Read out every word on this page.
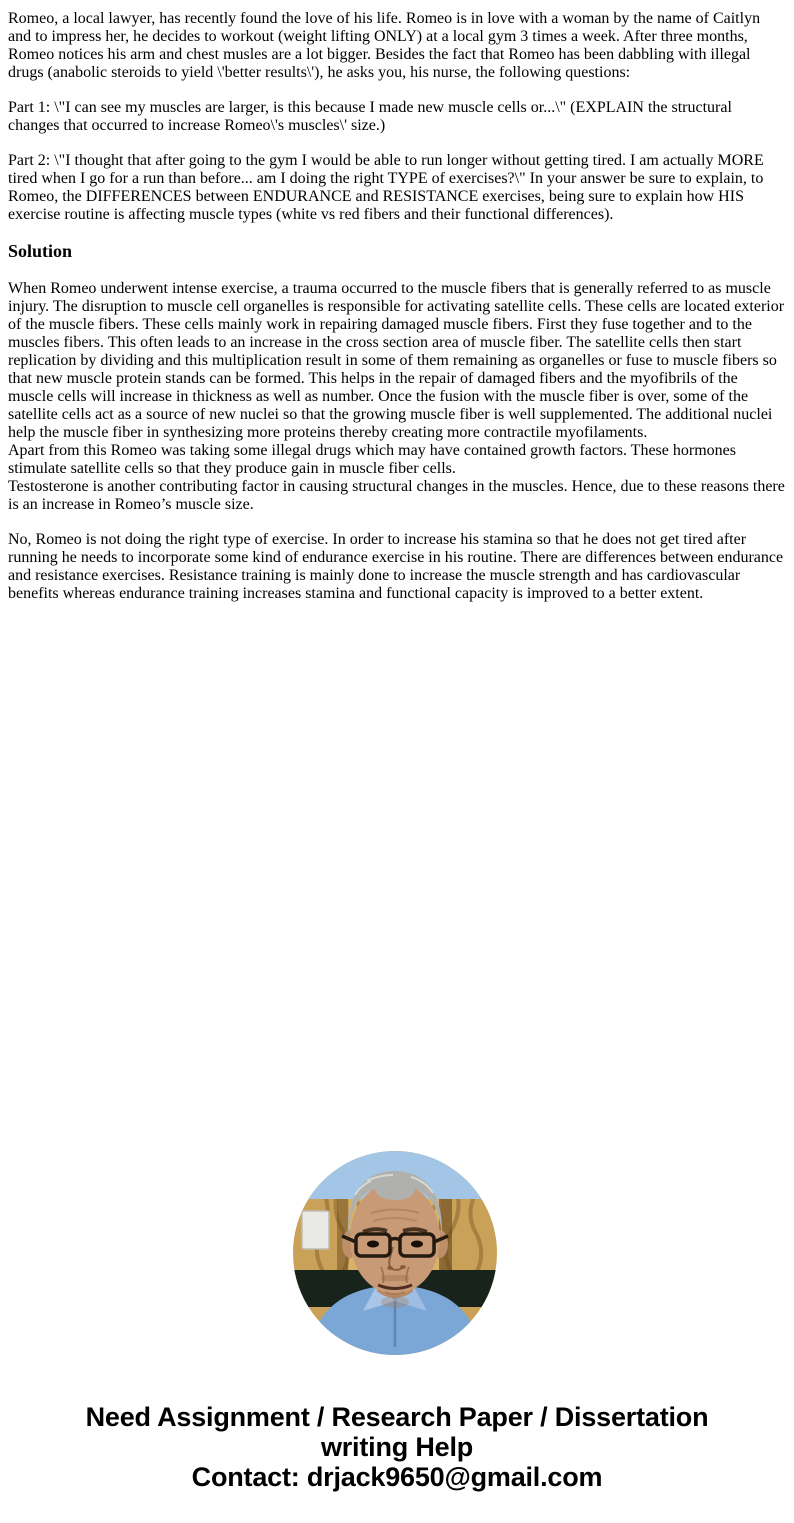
Romeo, a local lawyer, has recently found the love of his life. Romeo is in love with a woman by the name of Caitlyn and to impress her, he decides to workout (weight lifting ONLY) at a local gym 3 times a week. After three months, Romeo notices his arm and chest musles are a lot bigger. Besides the fact that Romeo has been dabbling with illegal drugs (anabolic steroids to yield \'better results\'), he asks you, his nurse, the following questions:

Part 1: \"I can see my muscles are larger, is this because I made new muscle cells or...\" (EXPLAIN the structural changes that occurred to increase Romeo\'s muscles\' size.)

Part 2: \"I thought that after going to the gym I would be able to run longer without getting tired. I am actually MORE tired when I go for a run than before... am I doing the right TYPE of exercises?\" In your answer be sure to explain, to Romeo, the DIFFERENCES between ENDURANCE and RESISTANCE exercises, being sure to explain how HIS exercise routine is affecting muscle types (white vs red fibers and their functional differences).

Solution

When Romeo underwent intense exercise, a trauma occurred to the muscle fibers that is generally referred to as muscle injury. The disruption to muscle cell organelles is responsible for activating satellite cells. These cells are located exterior of the muscle fibers. These cells mainly work in repairing damaged muscle fibers. First they fuse together and to the muscles fibers. This often leads to an increase in the cross section area of muscle fiber. The satellite cells then start replication by dividing and this multiplication result in some of them remaining as organelles or fuse to muscle fibers so that new muscle protein stands can be formed. This helps in the repair of damaged fibers and the myofibrils of the muscle cells will increase in thickness as well as number. Once the fusion with the muscle fiber is over, some of the satellite cells act as a source of new nuclei so that the growing muscle fiber is well supplemented. The additional nuclei help the muscle fiber in synthesizing more proteins thereby creating more contractile myofilaments.
Apart from this Romeo was taking some illegal drugs which may have contained growth factors. These hormones stimulate satellite cells so that they produce gain in muscle fiber cells.
Testosterone is another contributing factor in causing structural changes in the muscles. Hence, due to these reasons there is an increase in Romeo’s muscle size.

No, Romeo is not doing the right type of exercise. In order to increase his stamina so that he does not get tired after running he needs to incorporate some kind of endurance exercise in his routine. There are differences between endurance and resistance exercises. Resistance training is mainly done to increase the muscle strength and has cardiovascular benefits whereas endurance training increases stamina and functional capacity is improved to a better extent.

Need Assignment / Research Paper / Dissertation
writing Help
Contact: drjack9650@gmail.com
